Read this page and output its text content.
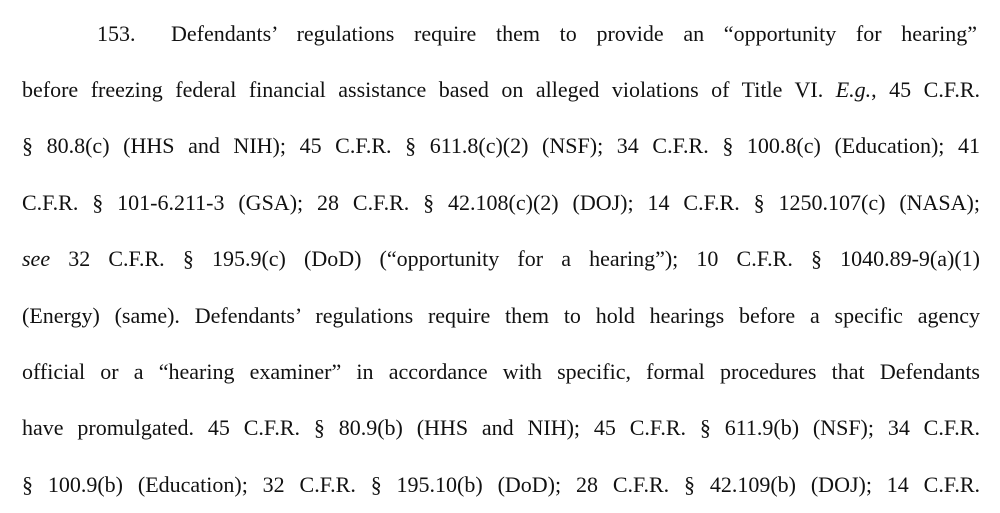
153. Defendants’ regulations require them to provide an “opportunity for hearing”
before freezing federal financial assistance based on alleged violations of Title VI. E.g., 45 C.F.R.
§ 80.8(c) (HHS and NIH); 45 C.F.R. § 611.8(c)(2) (NSF); 34 C.F.R. § 100.8(c) (Education); 41
C.F.R. § 101-6.211-3 (GSA); 28 C.F.R. § 42.108(c)(2) (DOJ); 14 C.F.R. § 1250.107(c) (NASA);
see 32 C.F.R. § 195.9(c) (DoD) (“opportunity for a hearing”); 10 C.F.R. § 1040.89-9(a)(1)
(Energy) (same). Defendants’ regulations require them to hold hearings before a specific agency
official or a “hearing examiner” in accordance with specific, formal procedures that Defendants
have promulgated. 45 C.F.R. § 80.9(b) (HHS and NIH); 45 C.F.R. § 611.9(b) (NSF); 34 C.F.R.
§ 100.9(b) (Education); 32 C.F.R. § 195.10(b) (DoD); 28 C.F.R. § 42.109(b) (DOJ); 14 C.F.R.
